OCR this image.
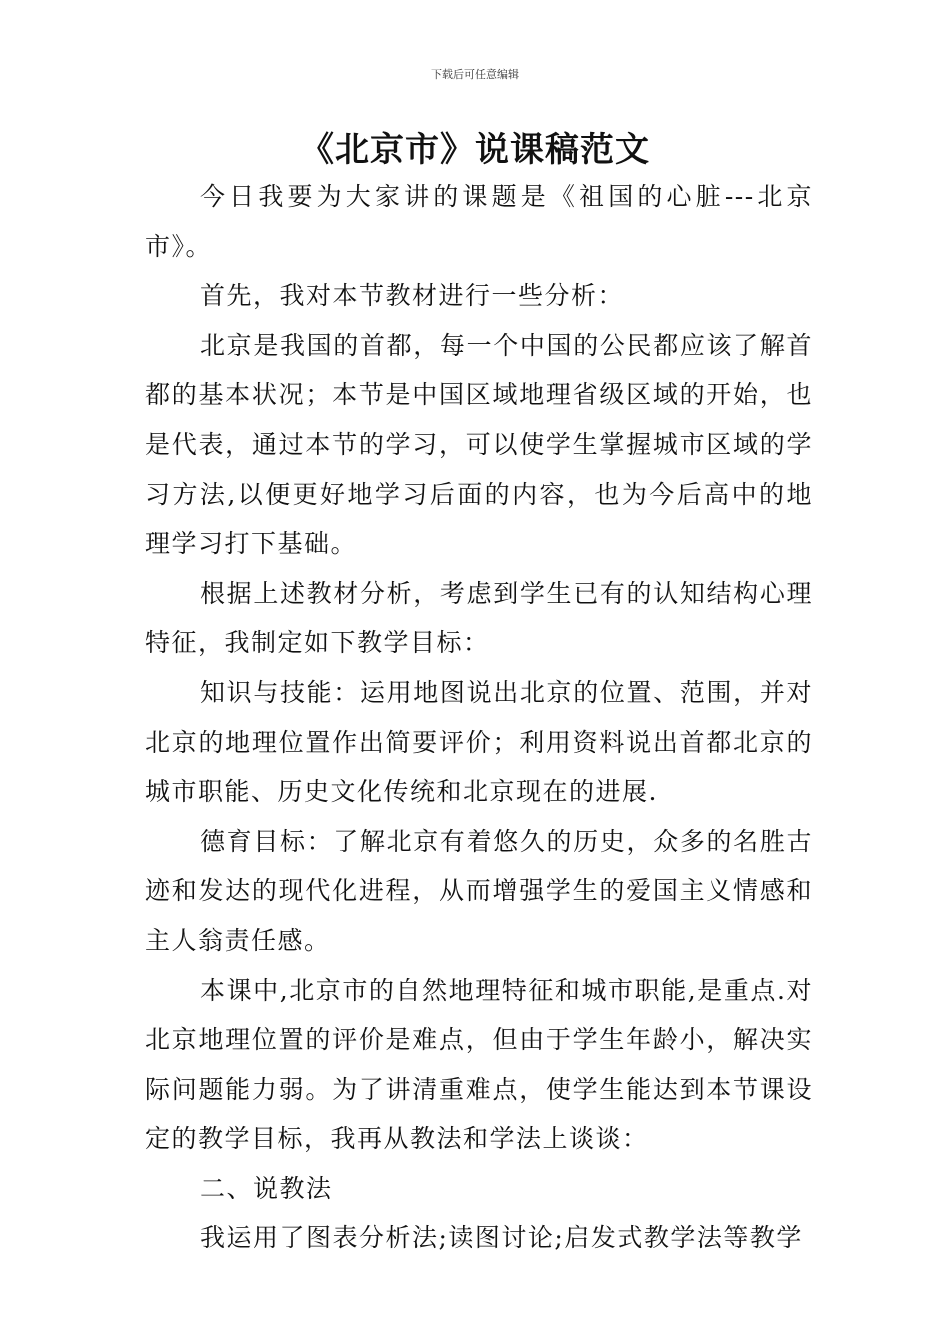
下载后可任意编辑
《北京市》说课稿范文

今日我要为大家讲的课题是《祖国的心脏---北京市》。

首先，我对本节教材进行一些分析：

北京是我国的首都，每一个中国的公民都应该了解首都的基本状况；本节是中国区域地理省级区域的开始，也是代表，通过本节的学习，可以使学生掌握城市区域的学习方法,以便更好地学习后面的内容，也为今后高中的地理学习打下基础。

根据上述教材分析，考虑到学生已有的认知结构心理特征，我制定如下教学目标：

知识与技能：运用地图说出北京的位置、范围，并对北京的地理位置作出简要评价；利用资料说出首都北京的城市职能、历史文化传统和北京现在的进展.

德育目标：了解北京有着悠久的历史，众多的名胜古迹和发达的现代化进程，从而增强学生的爱国主义情感和主人翁责任感。

本课中,北京市的自然地理特征和城市职能,是重点.对北京地理位置的评价是难点，但由于学生年龄小，解决实际问题能力弱。为了讲清重难点，使学生能达到本节课设定的教学目标，我再从教法和学法上谈谈：

二、说教法

我运用了图表分析法;读图讨论;启发式教学法等教学
